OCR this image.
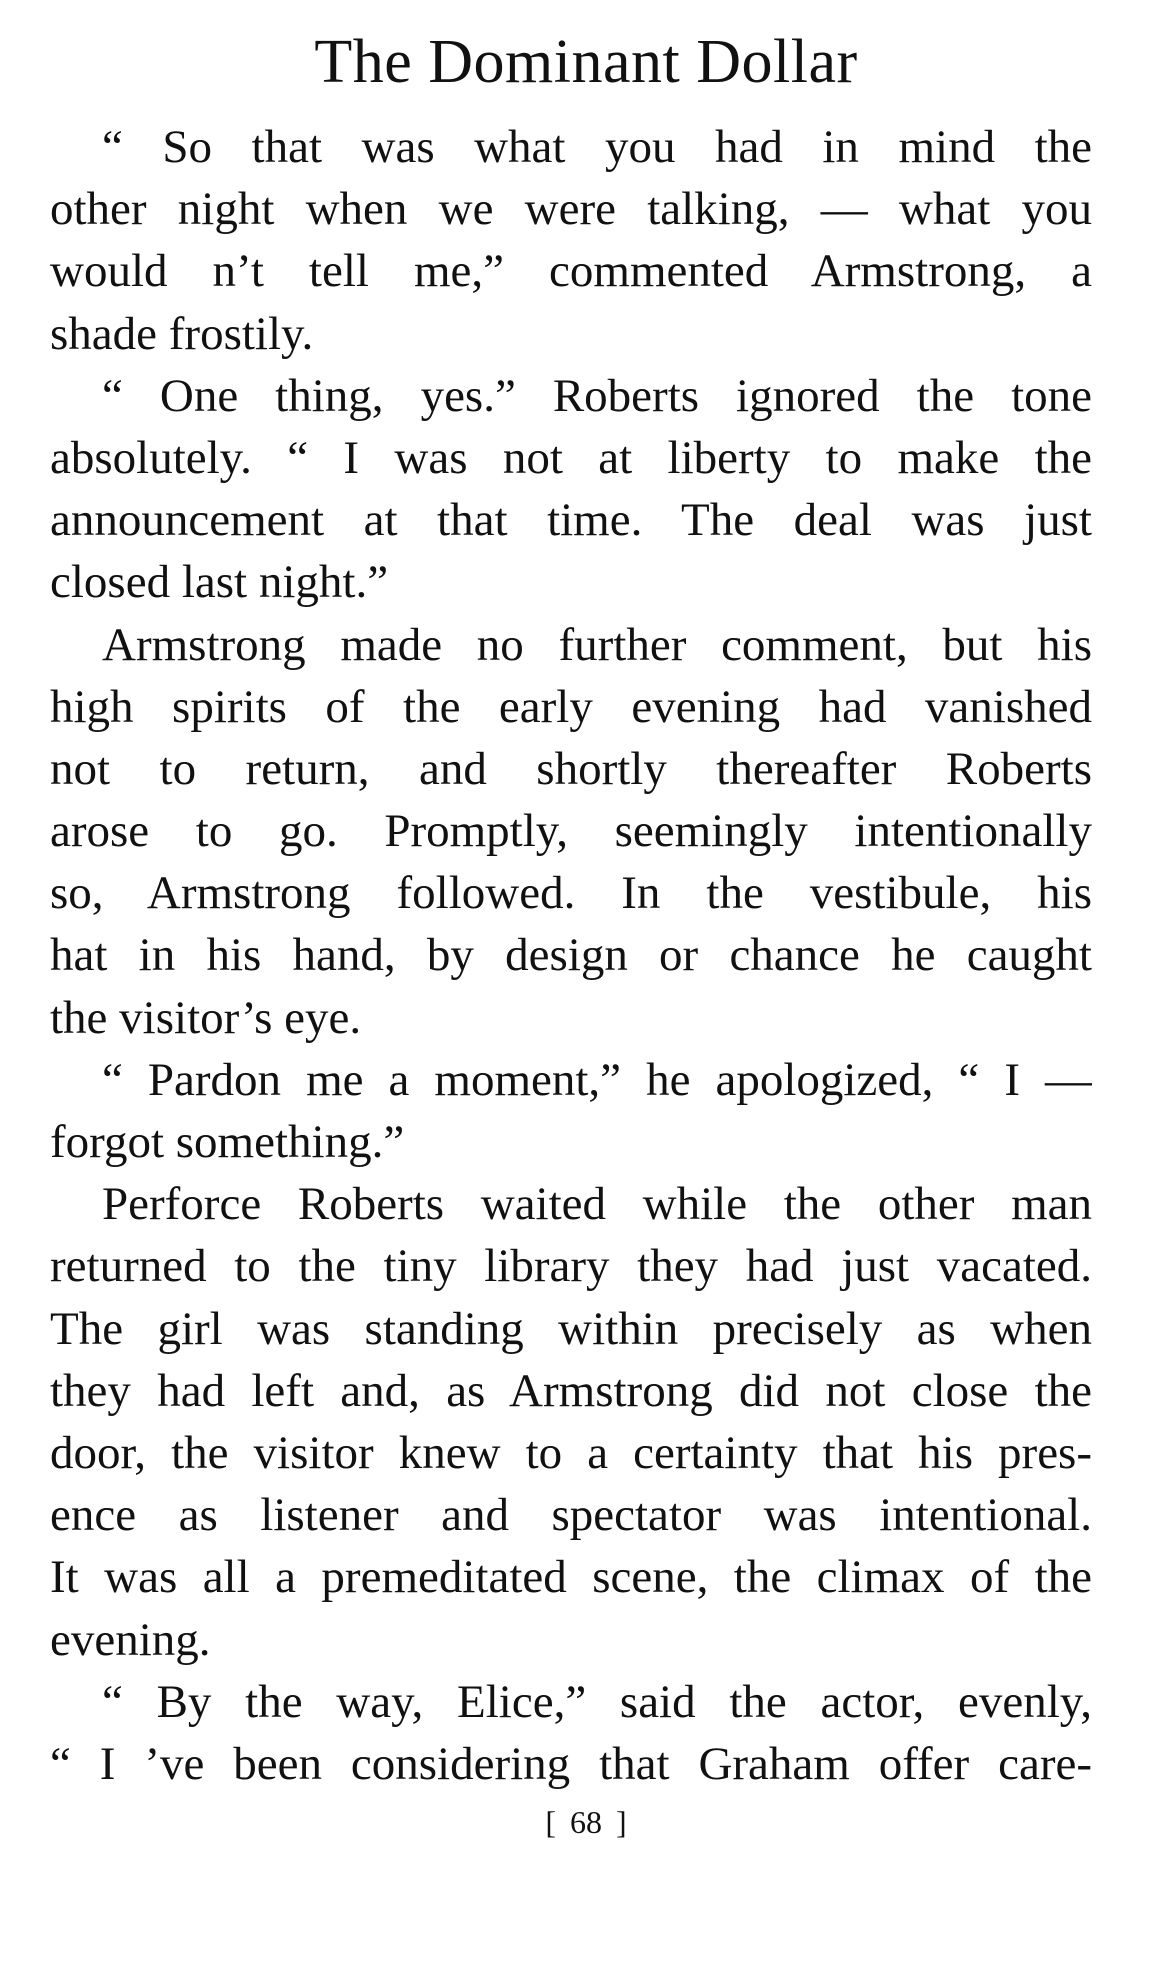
The Dominant Dollar
“ So that was what you had in mind the
other night when we were talking, — what you
would n’t tell me,” commented Armstrong, a
shade frostily.
“ One thing, yes.” Roberts ignored the tone
absolutely. “ I was not at liberty to make the
announcement at that time. The deal was just
closed last night.”
Armstrong made no further comment, but his
high spirits of the early evening had vanished
not to return, and shortly thereafter Roberts
arose to go. Promptly, seemingly intentionally
so, Armstrong followed. In the vestibule, his
hat in his hand, by design or chance he caught
the visitor’s eye.
“ Pardon me a moment,” he apologized, “ I —
forgot something.”
Perforce Roberts waited while the other man
returned to the tiny library they had just vacated.
The girl was standing within precisely as when
they had left and, as Armstrong did not close the
door, the visitor knew to a certainty that his pres-
ence as listener and spectator was intentional.
It was all a premeditated scene, the climax of the
evening.
“ By the way, Elice,” said the actor, evenly,
“ I ’ve been considering that Graham offer care-
[ 68 ]
